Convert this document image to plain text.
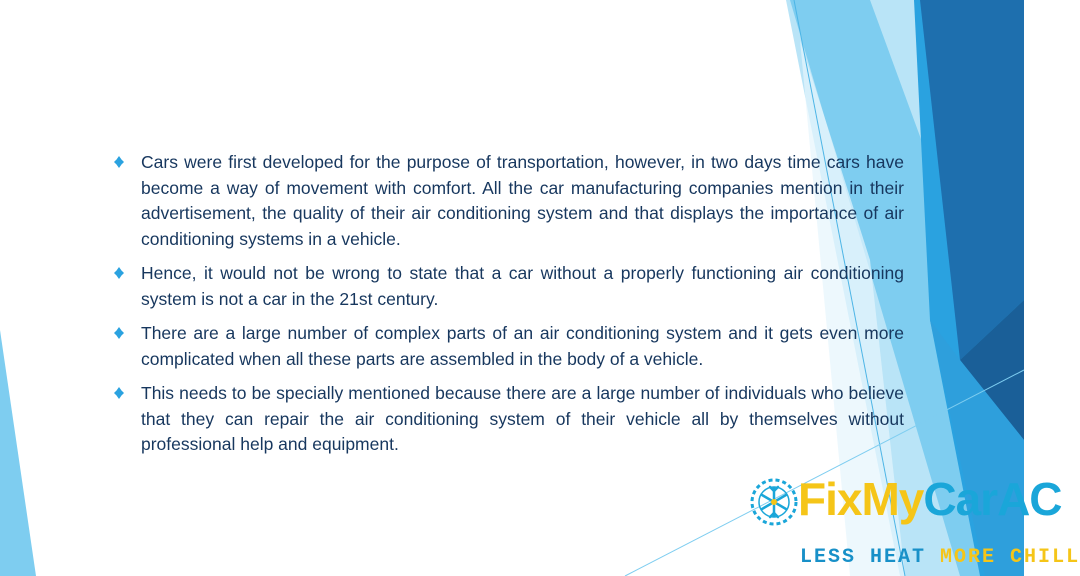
Cars were first developed for the purpose of transportation, however, in two days time cars have become a way of movement with comfort. All the car manufacturing companies mention in their advertisement, the quality of their air conditioning system and that displays the importance of air conditioning systems in a vehicle.
Hence, it would not be wrong to state that a car without a properly functioning air conditioning system is not a car in the 21st century.
There are a large number of complex parts of an air conditioning system and it gets even more complicated when all these parts are assembled in the body of a vehicle.
This needs to be specially mentioned because there are a large number of individuals who believe that they can repair the air conditioning system of their vehicle all by themselves without professional help and equipment.
FixMyCarAC
LESS HEAT MORE CHILL
